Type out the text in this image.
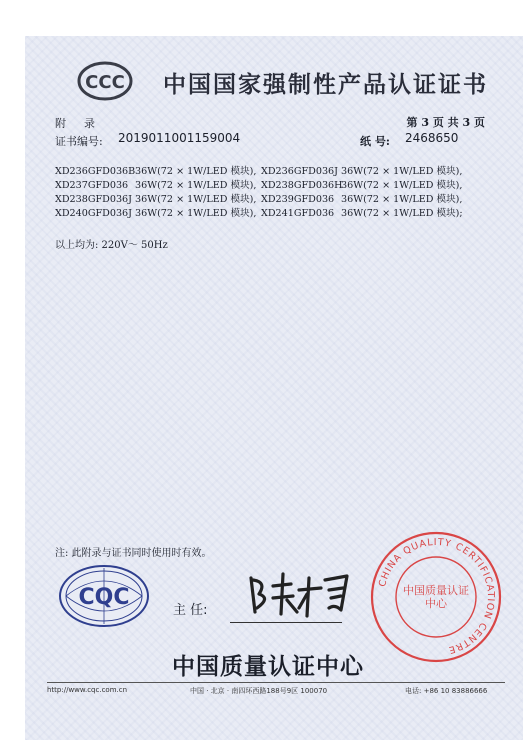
CCC 中国国家强制性产品认证证书
附录	第 3 页 共 3 页
证书编号: 2019011001159004	纸 号: 2468650
XD236GFD036B 36W(72 × 1W/LED 模块), XD236GFD036J 36W(72 × 1W/LED 模块),
XD237GFD036 36W(72 × 1W/LED 模块), XD238GFD036H
36W(72 × 1W/LED 模块),
XD238GFD036J 36W(72 × 1W/LED 模块), XD239GFD036 36W(72 × 1W/LED 模块),
XD240GFD036J 36W(72 × 1W/LED 模块), XD241GFD036 36W(72 × 1W/LED 模块);
以上均为: 220V～ 50Hz
注: 此附录与证书同时使用时有效。
CQC
主 任:
CHINA QUALITY CERTIFICATION CENTRE
中国质量认证中心
中国质量认证中心
http://www.cqc.com.cn	中国 · 北京 · 南四环西路188号9区 100070	电话: +86 10 83886666
